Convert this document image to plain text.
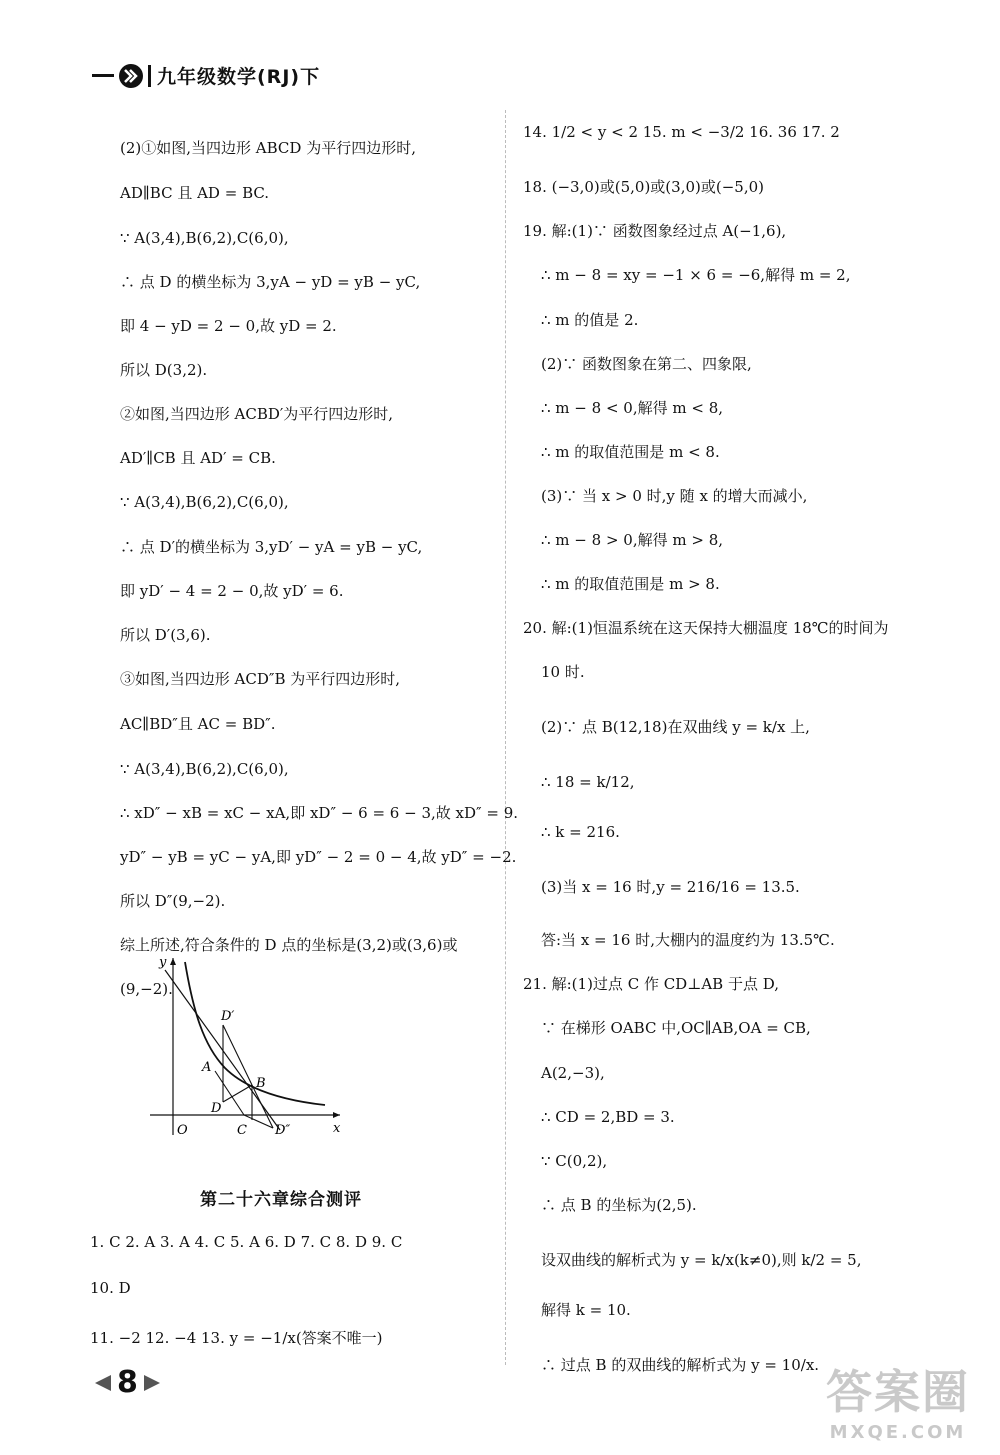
九年级数学(RJ)下
(2)①如图,当四边形 ABCD 为平行四边形时,
AD∥BC 且 AD = BC.
∵ A(3,4),B(6,2),C(6,0),
∴ 点 D 的横坐标为 3,yA − yD = yB − yC,
即 4 − yD = 2 − 0,故 yD = 2.
所以 D(3,2).
②如图,当四边形 ACBD′为平行四边形时,
AD′∥CB 且 AD′ = CB.
∵ A(3,4),B(6,2),C(6,0),
∴ 点 D′的横坐标为 3,yD′ − yA = yB − yC,
即 yD′ − 4 = 2 − 0,故 yD′ = 6.
所以 D′(3,6).
③如图,当四边形 ACD″B 为平行四边形时,
AC∥BD″且 AC = BD″.
∵ A(3,4),B(6,2),C(6,0),
∴ xD″ − xB = xC − xA,即 xD″ − 6 = 6 − 3,故 xD″ = 9.
yD″ − yB = yC − yA,即 yD″ − 2 = 0 − 4,故 yD″ = −2.
所以 D″(9,−2).
综上所述,符合条件的 D 点的坐标是(3,2)或(3,6)或
(9,−2).
14. 1/2 < y < 2 15. m < −3/2 16. 36 17. 2
18. (−3,0)或(5,0)或(3,0)或(−5,0)
19. 解:(1)∵ 函数图象经过点 A(−1,6),
∴ m − 8 = xy = −1 × 6 = −6,解得 m = 2,
∴ m 的值是 2.
(2)∵ 函数图象在第二、四象限,
∴ m − 8 < 0,解得 m < 8,
∴ m 的取值范围是 m < 8.
(3)∵ 当 x > 0 时,y 随 x 的增大而减小,
∴ m − 8 > 0,解得 m > 8,
∴ m 的取值范围是 m > 8.
20. 解:(1)恒温系统在这天保持大棚温度 18℃的时间为
10 时.
(2)∵ 点 B(12,18)在双曲线 y = k/x 上,
∴ 18 = k/12,
∴ k = 216.
(3)当 x = 16 时,y = 216/16 = 13.5.
答:当 x = 16 时,大棚内的温度约为 13.5℃.
21. 解:(1)过点 C 作 CD⊥AB 于点 D,
∵ 在梯形 OABC 中,OC∥AB,OA = CB,
A(2,−3),
∴ CD = 2,BD = 3.
∵ C(0,2),
∴ 点 B 的坐标为(2,5).
设双曲线的解析式为 y = k/x(k≠0),则 k/2 = 5,
解得 k = 10.
∴ 过点 B 的双曲线的解析式为 y = 10/x.
1. C 2. A 3. A 4. C 5. A 6. D 7. C 8. D 9. C
10. D
11. −2 12. −4 13. y = −1/x(答案不唯一)
y
x
O
A
B
C
D
D′
D″
第二十六章综合测评
8	答案圈
MXQE.COM
